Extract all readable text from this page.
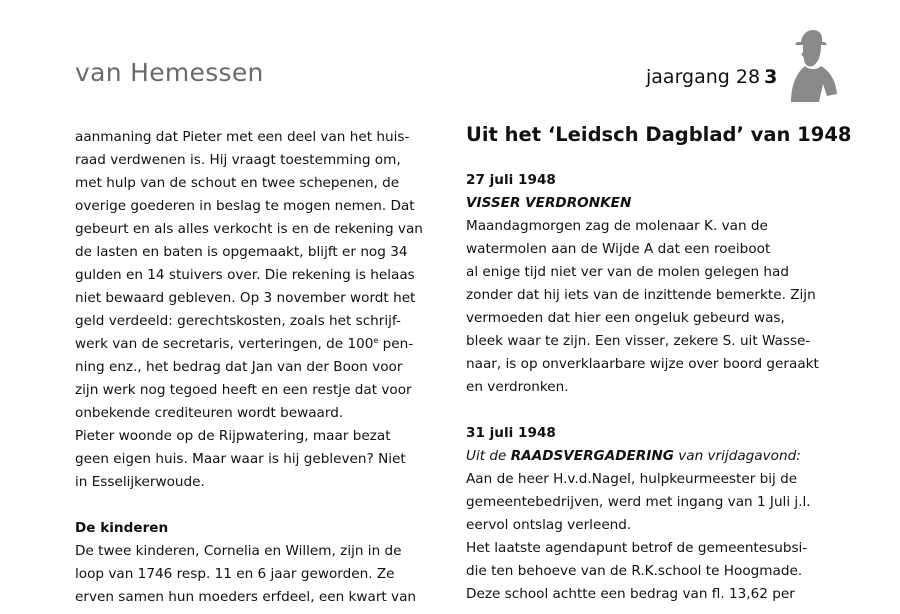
van Hemessen	jaargang 28 3
aanmaning dat Pieter met een deel van het huis-
raad verdwenen is. Hij vraagt toestemming om,
met hulp van de schout en twee schepenen, de
overige goederen in beslag te mogen nemen. Dat
gebeurt en als alles verkocht is en de rekening van
de lasten en baten is opgemaakt, blijft er nog 34
gulden en 14 stuivers over. Die rekening is helaas
niet bewaard gebleven. Op 3 november wordt het
geld verdeeld: gerechtskosten, zoals het schrijf-
werk van de secretaris, verteringen, de 100e pen-
ning enz., het bedrag dat Jan van der Boon voor
zijn werk nog tegoed heeft en een restje dat voor
onbekende crediteuren wordt bewaard.
Pieter woonde op de Rijpwatering, maar bezat
geen eigen huis. Maar waar is hij gebleven? Niet
in Esselijkerwoude.
De kinderen
De twee kinderen, Cornelia en Willem, zijn in de
loop van 1746 resp. 11 en 6 jaar geworden. Ze
erven samen hun moeders erfdeel, een kwart van
Uit het ‘Leidsch Dagblad’ van 1948
27 juli 1948
VISSER VERDRONKEN
Maandagmorgen zag de molenaar K. van de
watermolen aan de Wijde A dat een roeiboot
al enige tijd niet ver van de molen gelegen had
zonder dat hij iets van de inzittende bemerkte. Zijn
vermoeden dat hier een ongeluk gebeurd was,
bleek waar te zijn. Een visser, zekere S. uit Wasse-
naar, is op onverklaarbare wijze over boord geraakt
en verdronken.
31 juli 1948
Uit de RAADSVERGADERING van vrijdagavond:
Aan de heer H.v.d.Nagel, hulpkeurmeester bij de
gemeentebedrijven, werd met ingang van 1 Juli j.l.
eervol ontslag verleend.
Het laatste agendapunt betrof de gemeentesubsi-
die ten behoeve van de R.K.school te Hoogmade.
Deze school achtte een bedrag van fl. 13,62 per
